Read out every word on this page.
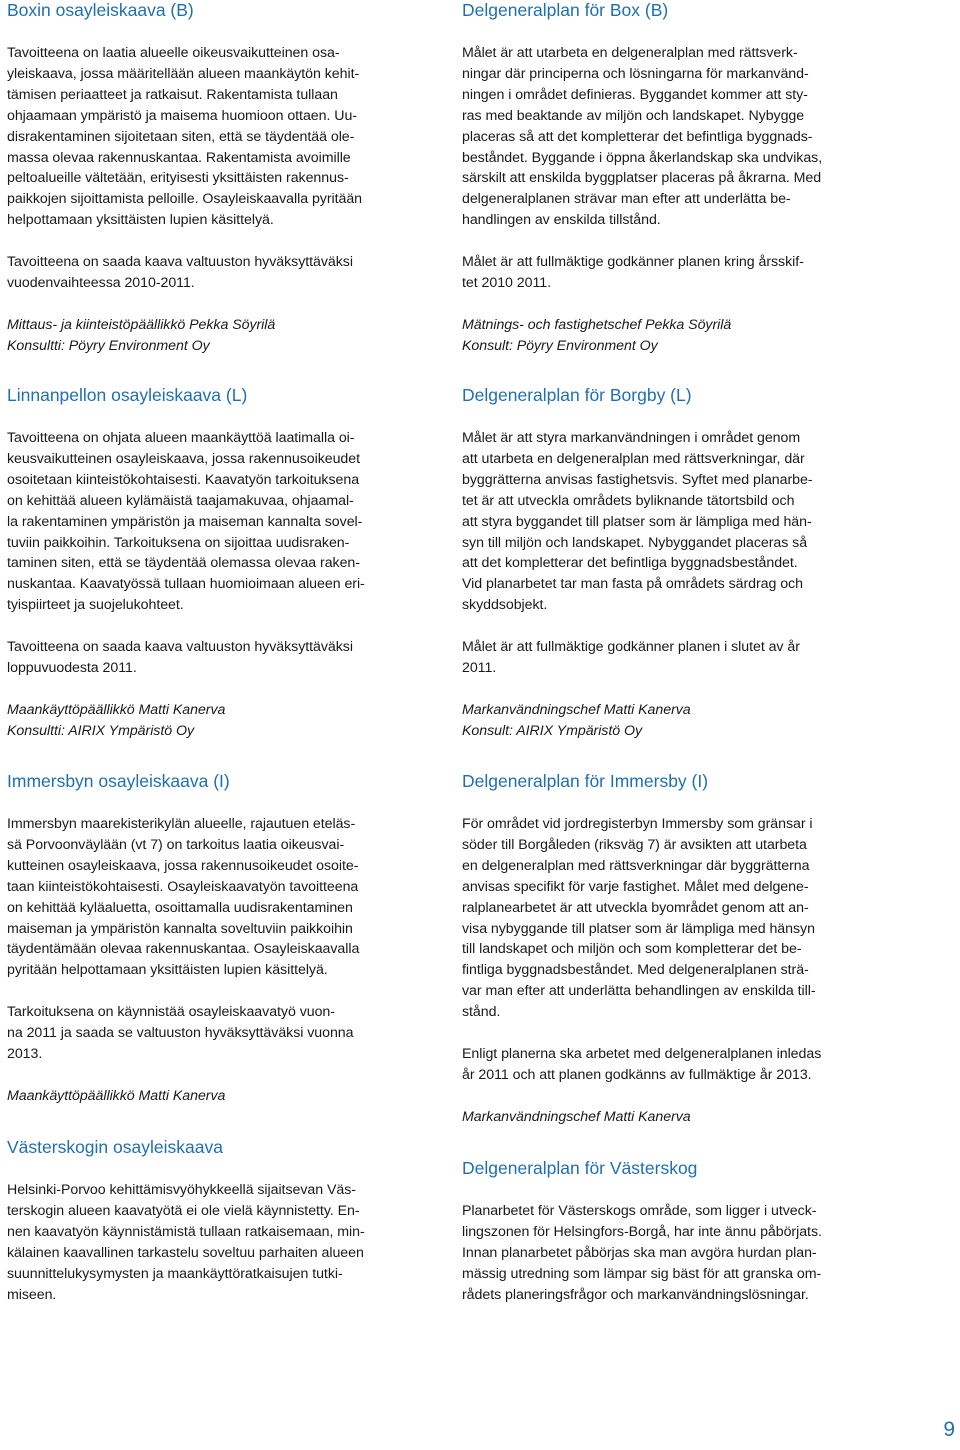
Boxin osayleiskaava (B)

Tavoitteena on laatia alueelle oikeusvaikutteinen osa-
yleiskaava, jossa määritellään alueen maankäytön kehit-
tämisen periaatteet ja ratkaisut. Rakentamista tullaan
ohjaamaan ympäristö ja maisema huomioon ottaen. Uu-
disrakentaminen sijoitetaan siten, että se täydentää ole-
massa olevaa rakennuskantaa. Rakentamista avoimille
peltoalueille vältetään, erityisesti yksittäisten rakennus-
paikkojen sijoittamista pelloille. Osayleiskaavalla pyritään
helpottamaan yksittäisten lupien käsittelyä.

Tavoitteena on saada kaava valtuuston hyväksyttäväksi
vuodenvaihteessa 2010-2011.

Mittaus- ja kiinteistöpäällikkö Pekka Söyrilä
Konsultti: Pöyry Environment Oy

Linnanpellon osayleiskaava (L)

Tavoitteena on ohjata alueen maankäyttöä laatimalla oi-
keusvaikutteinen osayleiskaava, jossa rakennusoikeudet
osoitetaan kiinteistökohtaisesti. Kaavatyön tarkoituksena
on kehittää alueen kylämäistä taajamakuvaa, ohjaamal-
la rakentaminen ympäristön ja maiseman kannalta sovel-
tuviin paikkoihin. Tarkoituksena on sijoittaa uudisraken-
taminen siten, että se täydentää olemassa olevaa raken-
nuskantaa. Kaavatyössä tullaan huomioimaan alueen eri-
tyispiirteet ja suojelukohteet.

Tavoitteena on saada kaava valtuuston hyväksyttäväksi
loppuvuodesta 2011.

Maankäyttöpäällikkö Matti Kanerva
Konsultti: AIRIX Ympäristö Oy

Immersbyn osayleiskaava (I)

Immersbyn maarekisterikylän alueelle, rajautuen eteläs-
sä Porvoonväylään (vt 7) on tarkoitus laatia oikeusvai-
kutteinen osayleiskaava, jossa rakennusoikeudet osoite-
taan kiinteistökohtaisesti. Osayleiskaavatyön tavoitteena
on kehittää kyläaluetta, osoittamalla uudisrakentaminen
maiseman ja ympäristön kannalta soveltuviin paikkoihin
täydentämään olevaa rakennuskantaa. Osayleiskaavalla
pyritään helpottamaan yksittäisten lupien käsittelyä.

Tarkoituksena on käynnistää osayleiskaavatyö vuon-
na 2011 ja saada se valtuuston hyväksyttäväksi vuonna
2013.

Maankäyttöpäällikkö Matti Kanerva

Västerskogin osayleiskaava

Helsinki-Porvoo kehittämisvyöhykkeellä sijaitsevan Väs-
terskogin alueen kaavatyötä ei ole vielä käynnistetty. En-
nen kaavatyön käynnistämistä tullaan ratkaisemaan, min-
kälainen kaavallinen tarkastelu soveltuu parhaiten alueen
suunnittelukysymysten ja maankäyttöratkaisujen tutki-
miseen.

Delgeneralplan för Box (B)

Målet är att utarbeta en delgeneralplan med rättsverk-
ningar där principerna och lösningarna för markanvänd-
ningen i området definieras. Byggandet kommer att sty-
ras med beaktande av miljön och landskapet. Nybygge
placeras så att det kompletterar det befintliga byggnads-
beståndet. Byggande i öppna åkerlandskap ska undvikas,
särskilt att enskilda byggplatser placeras på åkrarna. Med
delgeneralplanen strävar man efter att underlätta be-
handlingen av enskilda tillstånd.

Målet är att fullmäktige godkänner planen kring årsskif-
tet 2010 2011.

Mätnings- och fastighetschef Pekka Söyrilä
Konsult: Pöyry Environment Oy

Delgeneralplan för Borgby (L)

Målet är att styra markanvändningen i området genom
att utarbeta en delgeneralplan med rättsverkningar, där
byggrätterna anvisas fastighetsvis. Syftet med planarbe-
tet är att utveckla områdets byliknande tätortsbild och
att styra byggandet till platser som är lämpliga med hän-
syn till miljön och landskapet. Nybyggandet placeras så
att det kompletterar det befintliga byggnadsbeståndet.
Vid planarbetet tar man fasta på områdets särdrag och
skyddsobjekt.

Målet är att fullmäktige godkänner planen i slutet av år
2011.

Markanvändningschef Matti Kanerva
Konsult: AIRIX Ympäristö Oy

Delgeneralplan för Immersby (I)

För området vid jordregisterbyn Immersby som gränsar i
söder till Borgåleden (riksväg 7) är avsikten att utarbeta
en delgeneralplan med rättsverkningar där byggrätterna
anvisas specifikt för varje fastighet. Målet med delgene-
ralplanearbetet är att utveckla byområdet genom att an-
visa nybyggande till platser som är lämpliga med hänsyn
till landskapet och miljön och som kompletterar det be-
fintliga byggnadsbeståndet. Med delgeneralplanen strä-
var man efter att underlätta behandlingen av enskilda till-
stånd.

Enligt planerna ska arbetet med delgeneralplanen inledas
år 2011 och att planen godkänns av fullmäktige år 2013.

Markanvändningschef Matti Kanerva

Delgeneralplan för Västerskog

Planarbetet för Västerskogs område, som ligger i utveck-
lingszonen för Helsingfors-Borgå, har inte ännu påbörjats.
Innan planarbetet påbörjas ska man avgöra hurdan plan-
mässig utredning som lämpar sig bäst för att granska om-
rådets planeringsfrågor och markanvändningslösningar.

9
